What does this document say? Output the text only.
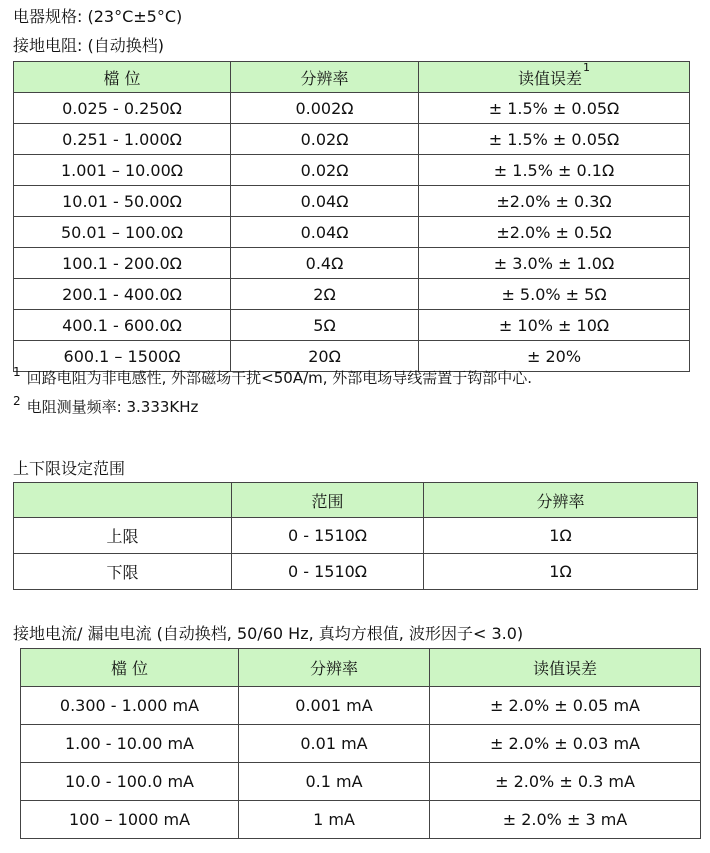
电器规格: (23°C±5°C)
接地电阻: (自动换档)
檔 位	分辨率	读值误差$^1$
0.025 - 0.250Ω	0.002Ω	± 1.5% ± 0.05Ω
0.251 - 1.000Ω	0.02Ω	± 1.5% ± 0.05Ω
1.001 – 10.00Ω	0.02Ω	± 1.5% ± 0.1Ω
10.01 - 50.00Ω	0.04Ω	±2.0% ± 0.3Ω
50.01 – 100.0Ω	0.04Ω	±2.0% ± 0.5Ω
100.1 - 200.0Ω	0.4Ω	± 3.0% ± 1.0Ω
200.1 - 400.0Ω	2Ω	± 5.0% ± 5Ω
400.1 - 600.0Ω	5Ω	± 10% ± 10Ω
600.1 – 1500Ω	20Ω	± 20%
$^1$ 回路电阻为非电感性, 外部磁场干扰<50A/m, 外部电场导线需置于钩部中心.
$^2$ 电阻测量频率: 3.333KHz
上下限设定范围
	范围	分辨率
上限	0 - 1510Ω	1Ω
下限	0 - 1510Ω	1Ω
接地电流/ 漏电电流 (自动换档, 50/60 Hz, 真均方根值, 波形因子< 3.0)
檔 位	分辨率	读值误差
0.300 - 1.000 mA	0.001 mA	± 2.0% ± 0.05 mA
1.00 - 10.00 mA	0.01 mA	± 2.0% ± 0.03 mA
10.0 - 100.0 mA	0.1 mA	± 2.0% ± 0.3 mA
100 – 1000 mA	1 mA	± 2.0% ± 3 mA
